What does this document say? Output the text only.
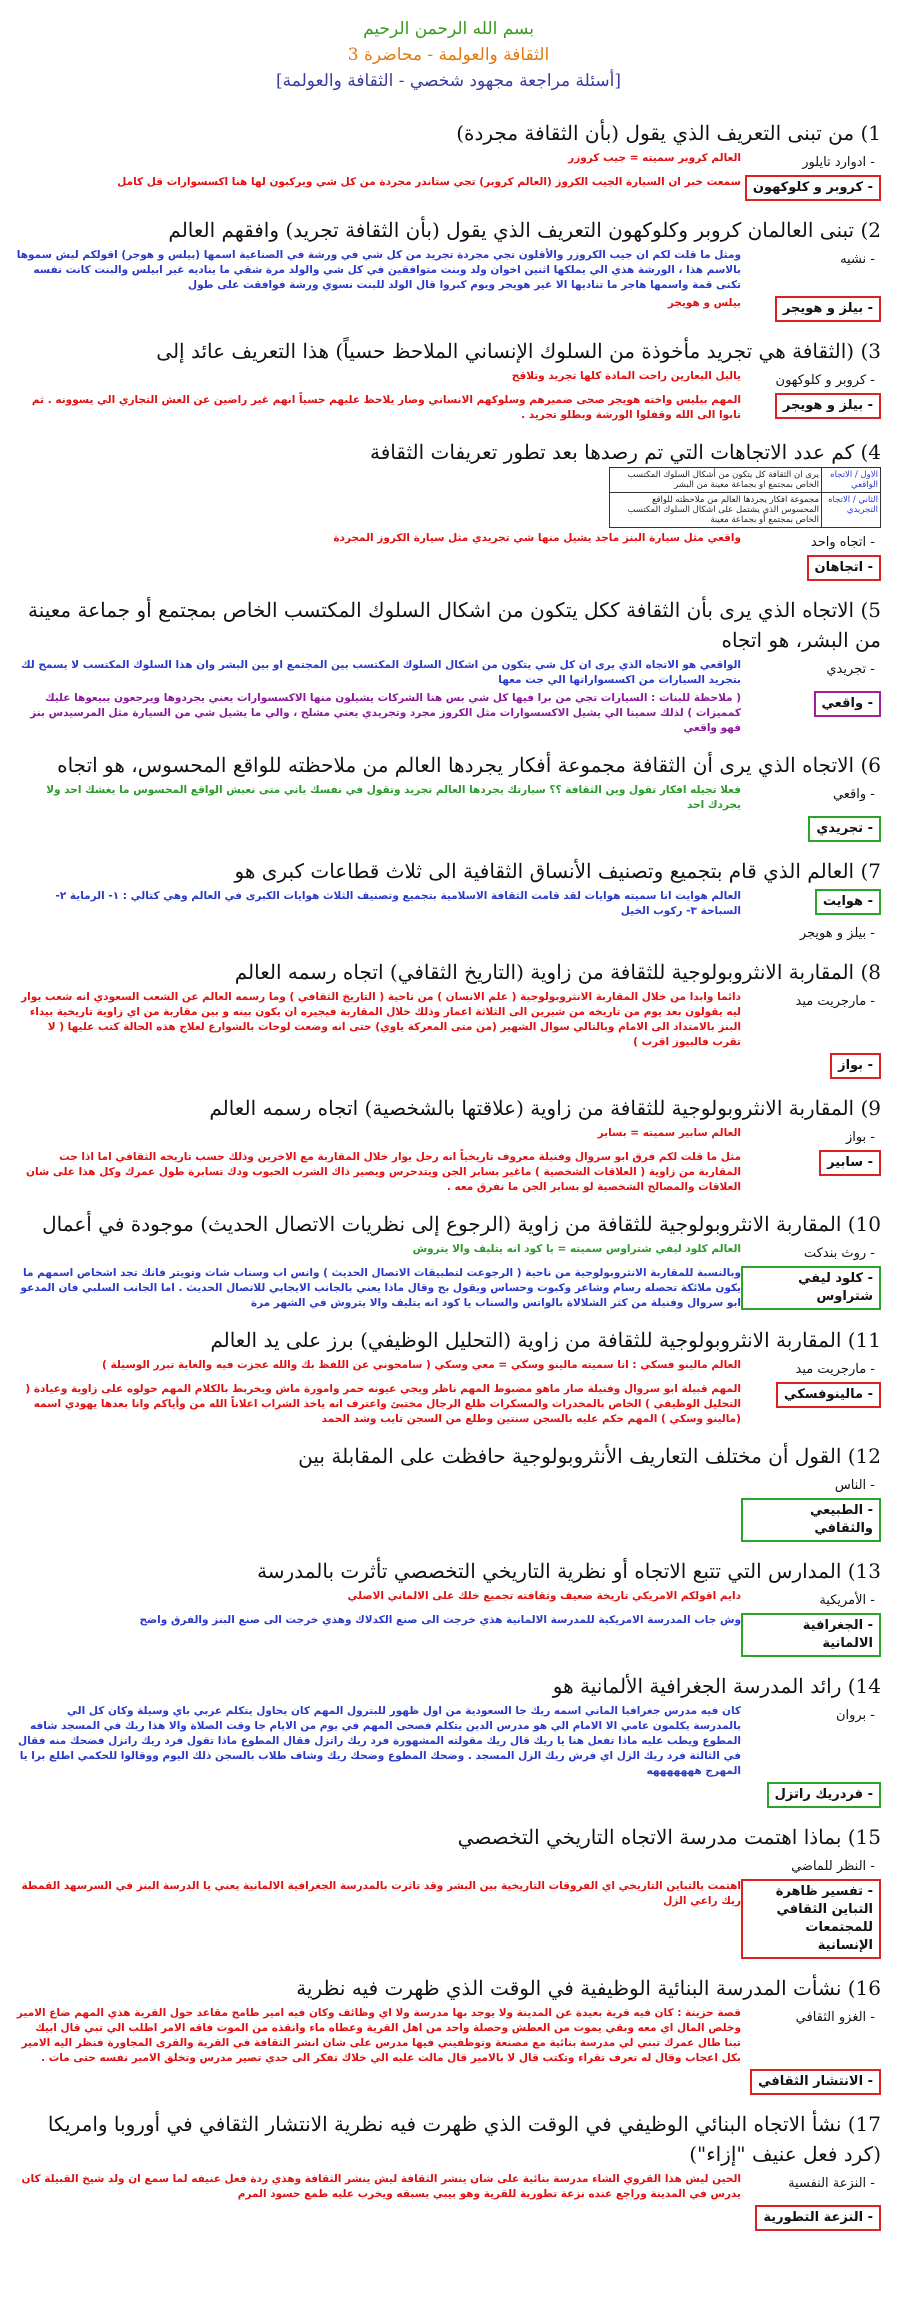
بسم الله الرحمن الرحيم
الثقافة والعولمة - محاضرة 3
[أسئلة مراجعة مجهود شخصي - الثقافة والعولمة]
1) من تبنى التعريف الذي يقول (بأن الثقافة مجردة)
- ادوارد تايلور
العالم كروبر سميته = جيب كروزر
- كروبر و كلوكهون
سمعت خبر ان السيارة الجيب الكروز (العالم كروبر) تجي ستاندر مجردة من كل شي ويركبون لها هنا اكسسوارات قل كامل
2) تبنى العالمان كروبر وكلوكهون التعريف الذي يقول (بأن الثقافة تجريد) وافقهم العالم
- نشيه
ومثل ما قلت لكم ان جيب الكروزر والأقلون تجي مجردة تجريد من كل شي في ورشة في الصناعية اسمها (بيلس و هوجر) اقولكم ليش سموها بالاسم هذا ، الورشة هذي الي يملكها اثنين اخوان ولد وبنت متوافقين في كل شي والولد مرة شقي ما يناديه غير ابيلس والبنت كانت نفسه تكنى قمة واسمها هاجر ما تناديها الا غير هويجر ويوم كبروا قال الولد للبنت نسوي ورشة فوافقت على طول
- بيلز و هويجر
بيلس و هويجر
3) (الثقافة هي تجريد مأخوذة من السلوك الإنساني الملاحظ حسياً) هذا التعريف عائد إلى
- كروبر و كلوكهون
ياليل اليعارين راحت المادة كلها تجريد وتلاقح
- بيلز و هويجر
المهم بيليس واخته هويجر صحى ضميرهم وسلوكهم الانساني وصار يلاحظ عليهم حسياً انهم غير راضين عن الغش التجاري الي يسوونه . ثم تابوا الى الله وقفلوا الورشة وبطلو تجريد .
4) كم عدد الاتجاهات التي تم رصدها بعد تطور تعريفات الثقافة
الاول / الاتجاه الواقعي
يرى ان الثقافة كل يتكون من أشكال السلوك المكتسب الخاص بمجتمع او بجماعة معينة من البشر
الثاني / الاتجاه التجريدي
مجموعة افكار يجردها العالم من ملاحظته للواقع المحسوس الذي يشتمل على اشكال السلوك المكتسب الخاص بمجتمع أو بجماعة معينة
- اتجاه واحد
واقعي مثل سيارة البنز ماجد يشيل منها شي تجريدي مثل سيارة الكروز المجردة
- اتجاهان
5) الاتجاه الذي يرى بأن الثقافة ككل يتكون من اشكال السلوك المكتسب الخاص بمجتمع أو جماعة معينة من البشر، هو اتجاه
- تجريدي
الواقعي هو الاتجاه الذي يرى ان كل شي يتكون من اشكال السلوك المكتسب بين المجتمع او بين البشر وان هذا السلوك المكتسب لا يسمح لك بتجريد السيارات من اكسسواراتها الي جت معها
- واقعي
( ملاحظة للبنات : السيارات تجي من برا فيها كل شي بس هنا الشركات يشيلون منها الاكسسوارات يعني يجردوها ويرجعون يبيعوها عليك كمميزات ) لذلك سمينا الي يشيل الاكسسوارات مثل الكروز مجرد وتجريدي يعني مشلح ، والي ما يشيل شي من السيارة مثل المرسيدس بنز فهو واقعي
6) الاتجاه الذي يرى أن الثقافة مجموعة أفكار يجردها العالم من ملاحظته للواقع المحسوس، هو اتجاه
- واقعي
فعلا تجيله افكار تقول وين الثقافة ؟؟ سيارتك يجردها العالم تجريد وتقول في نفسك ياني متى نعيش الواقع المحسوس ما يغشك احد ولا يجردك احد
- تجريدي
7) العالم الذي قام بتجميع وتصنيف الأنساق الثقافية الى ثلاث قطاعات كبرى هو
- هوايت
العالم هوايت انا سميته هوايات لقد قامت الثقافة الاسلامية بتجميع وتصنيف الثلاث هوايات الكبرى في العالم وهي كتالي : ١- الرماية ٢- السباحة ٣- ركوب الخيل
- بيلز و هويجر
8) المقاربة الانثروبولوجية للثقافة من زاوية (التاريخ الثقافي) اتجاه رسمه العالم
- مارجريت ميد
دائما وابدا من خلال المقاربة الانثروبولوجية ( علم الانسان ) من ناحية ( التاريخ الثقافي ) وما رسمه العالم عن الشعب السعودي انه شعب يوار ليه يقولون بعد يوم من تاريخه من شيرين الى الثلاثة اعمار وذلك خلال المقاربة فيجيره ان يكون بينه و بين مقاربة من اي زاوية تاريخية بيداء البنز بالامتداد الى الامام وبالتالي سوال الشهير (من متى المعركة ياوي) حتى انه وضعت لوحات بالشوارع لعلاج هذه الحالة كتب عليها ( لا تقرب فالبيوز اقرب )
- بواز
9) المقاربة الانثروبولوجية للثقافة من زاوية (علاقتها بالشخصية) اتجاه رسمه العالم
- بواز
العالم سابير سميته = بسابر
- سابير
مثل ما قلت لكم فرق ابو سروال وفنيلة معروف تاريخياً انه رجل يوار خلال المقاربة مع الاخرين وذلك حسب تاريخه الثقافي اما اذا جت المقاربة من زاوية ( العلاقات الشخصية ) ماغير بسابر الجن ويتدحرس ويصير ذاك الشرب الحبوب ودك تسابرة طول عمرك وكل هذا على شان العلاقات والمصالح الشخصية لو بسابر الجن ما نفرق معه .
10) المقاربة الانثروبولوجية للثقافة من زاوية (الرجوع إلى نظريات الاتصال الحديث) موجودة في أعمال
- روث بندكت
العالم كلود ليفي شتراوس سميته = يا كود انه يتليف والا يتروش
- كلود ليفي شتراوس
وبالنسبة للمقاربة الانثروبولوجية من ناحية ( الرجوعت لتطبيقات الاتصال الحديث ) وانس اب وسناب شات وتويتر فانك تجد اشخاص اسمهم ما يكون ملائكة تحصله رسام وشاعر وكبوت وحساس ويقول بح وقال ماذا يعني بالجانب الايجابي للاتصال الحديث . اما الجانب السلبي فان المدعو ابو سروال وفنيلة من كثر الشلالاة بالواتس والسناب يا كود انه يتليف والا يتروش في الشهر مرة
11) المقاربة الانثروبولوجية للثقافة من زاوية (التحليل الوظيفي) برز على يد العالم
- مارجريت ميد
العالم مالينو فسكي : انا سميته مالينو وسكي = معي وسكي ( سامحوني عن اللفظ بك والله عجزت فيه والغاية تبرر الوسيلة )
- مالينوفسكي
المهم قبيلة ابو سروال وفنيلة صار ماهو مضبوط المهم ناظر ويجي عيونه حمر وامورة ماش ويخربط بالكلام المهم حولوه على زاوية وعيادة ( التحليل الوظيفي ) الخاص بالمخدرات والمسكرات طلع الرجال مختبئ واعترف انه ياخذ الشراب اعلاناً الله من وأياكم وانا بعدها يهودي اسمه (مالينو وسكي ) المهم حكم عليه بالسجن سنتين وطلع من السجن تايب وشد الحمد
12) القول أن مختلف التعاريف الأنثروبولوجية حافظت على المقابلة بين
- الناس
- الطبيعي والثقافي
13) المدارس التي تتبع الاتجاه أو نظرية التاريخي التخصصي تأثرت بالمدرسة
- الأمريكية
دايم اقولكم الامريكي تاريخة ضعيف وثقافته تجميع خلك على الالماني الاصلي
- الجغرافية الالمانية
وش جاب المدرسة الامريكية للمدرسة الالمانية هذي خرجت الى صنع الكدلاك وهذي خرجت الى صنع البنز والفرق واضح
14) رائد المدرسة الجغرافية الألمانية هو
- بروان
كان فيه مدرس جغرافيا الماني اسمه ريك جا السعودية من اول ظهور للبترول المهم كان يحاول يتكلم عربي باي وسيلة وكان كل الي بالمدرسة يكلمون عامي الا الامام الي هو مدرس الدين يتكلم فصحى المهم في يوم من الايام جا وقت الصلاة والا هذا ريك في المسجد شافه المطوع ويطب عليه ماذا تفعل هنا يا ريك قال ريك مقولته المشهورة فرد ريك راتزل فقال المطوع ماذا تقول فرد ريك راتزل فضحك منه فقال في الثالثة فرد ريك الزل اي فرش ريك الزل المسجد . وضحك المطوع وضحك ريك وشاف طلاب بالسجن ذلك اليوم ووقالوا للحكمي اطلع برا يا المهرج هههههههه
- فردريك راتزل
15) بماذا اهتمت مدرسة الاتجاه التاريخي التخصصي
- النظر للماضي
- تفسير ظاهرة التباين الثقافي للمجتمعات الإنسانية
اهتمت بالتباين التاريخي اي الفروقات التاريخية بين البشر وقد تاثرت بالمدرسة الجغرافية الالمانية يعني يا الدرسة البنز في السرسهد القمطة ريك راعي الزل
16) نشأت المدرسة البنائية الوظيفية في الوقت الذي ظهرت فيه نظرية
- الغزو الثقافي
قصة حزينة : كان فيه قرية بعيدة عن المدينة ولا يوجد بها مدرسة ولا اي وظائف وكان فيه امير طامح مقاعد حول القرية هذي المهم ضاع الامير وخلص المال اي معه وبقي يموت من العطش وحصلة واحد من اهل القرية وعطاه ماء وانقذه من الموت فاقه الامر اطلب الي تبي قال ابيك تبنا طال عمرك تبني لي مدرسة بنائية مع مصنعة وتوظفيني فيها مدرس على شان انشر الثقافة في القرية والقرى المجاورة فنظر اليه الامير بكل اعجاب وقال له تعرف تقراء وتكتب قال لا بالامير قال مالت عليه الي خلاك تفكر الى حدي تصير مدرس وتخلق الامير نفسه حتى مات .
- الانتشار الثقافي
17) نشأ الاتجاه البنائي الوظيفي في الوقت الذي ظهرت فيه نظرية الانتشار الثقافي في أوروبا وامريكا (كرد فعل عنيف "إزاء")
- النزعة النفسية
الحين ليش هذا القروي الشاء مدرسة بنائية على شان ينشر الثقافة ليش ينشر الثقافة وهذي ردة فعل عنيفه لما سمع ان ولد شيخ القبيلة كان يدرس في المدينة وراجع عنده نزعة تطورية للقرية وهو بيبي يسبقه ويخرب عليه طمع حسود المرم
- النزعة التطورية
